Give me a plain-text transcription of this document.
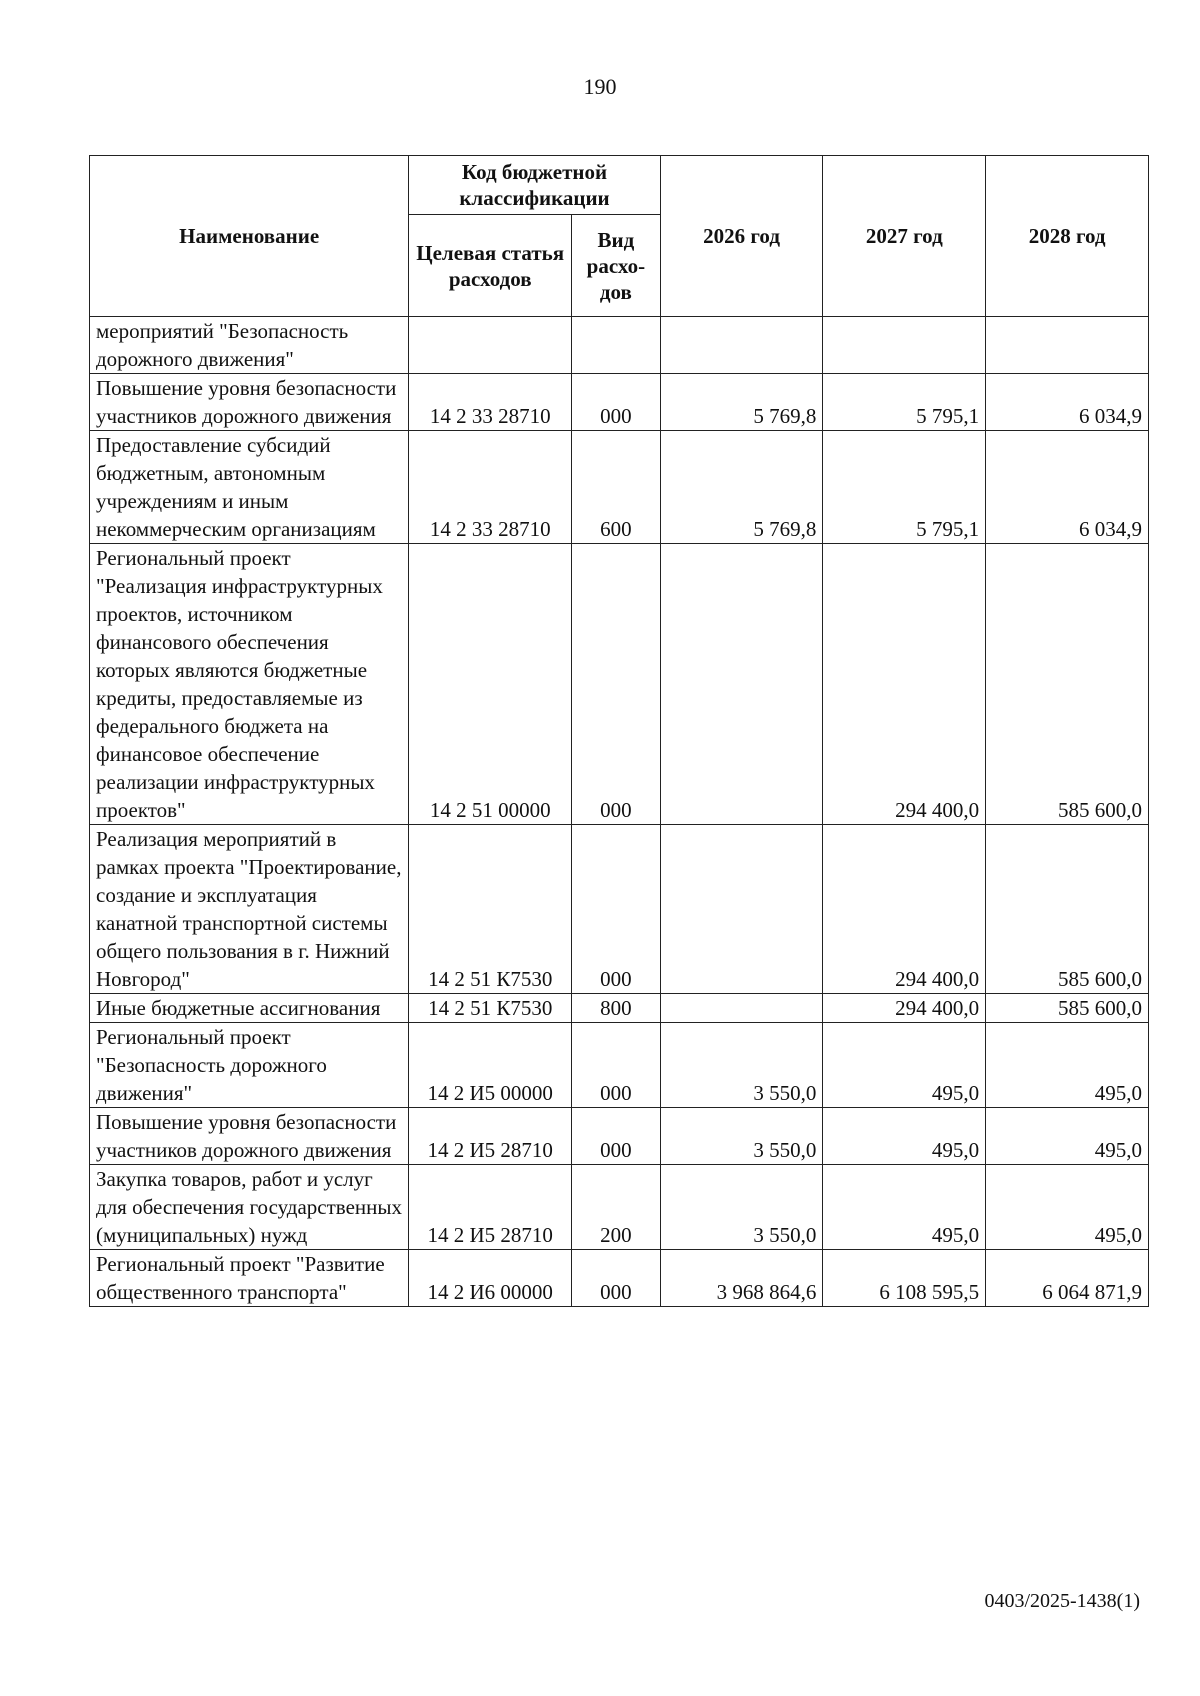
190
Наименование	Код бюджетной классификации		2026 год	2027 год	2028 год
	Целевая статья расходов	Вид расхо-дов			
мероприятий "Безопасность дорожного движения"					
Повышение уровня безопасности участников дорожного движения	14 2 33 28710	000	5 769,8	5 795,1	6 034,9
Предоставление субсидий бюджетным, автономным учреждениям и иным некоммерческим организациям	14 2 33 28710	600	5 769,8	5 795,1	6 034,9
Региональный проект "Реализация инфраструктурных проектов, источником финансового обеспечения которых являются бюджетные кредиты, предоставляемые из федерального бюджета на финансовое обеспечение реализации инфраструктурных проектов"	14 2 51 00000	000		294 400,0	585 600,0
Реализация мероприятий в рамках проекта "Проектирование, создание и эксплуатация канатной транспортной системы общего пользования в г. Нижний Новгород"	14 2 51 К7530	000		294 400,0	585 600,0
Иные бюджетные ассигнования	14 2 51 К7530	800		294 400,0	585 600,0
Региональный проект "Безопасность дорожного движения"	14 2 И5 00000	000	3 550,0	495,0	495,0
Повышение уровня безопасности участников дорожного движения	14 2 И5 28710	000	3 550,0	495,0	495,0
Закупка товаров, работ и услуг для обеспечения государственных (муниципальных) нужд	14 2 И5 28710	200	3 550,0	495,0	495,0
Региональный проект "Развитие общественного транспорта"	14 2 И6 00000	000	3 968 864,6	6 108 595,5	6 064 871,9
0403/2025-1438(1)
